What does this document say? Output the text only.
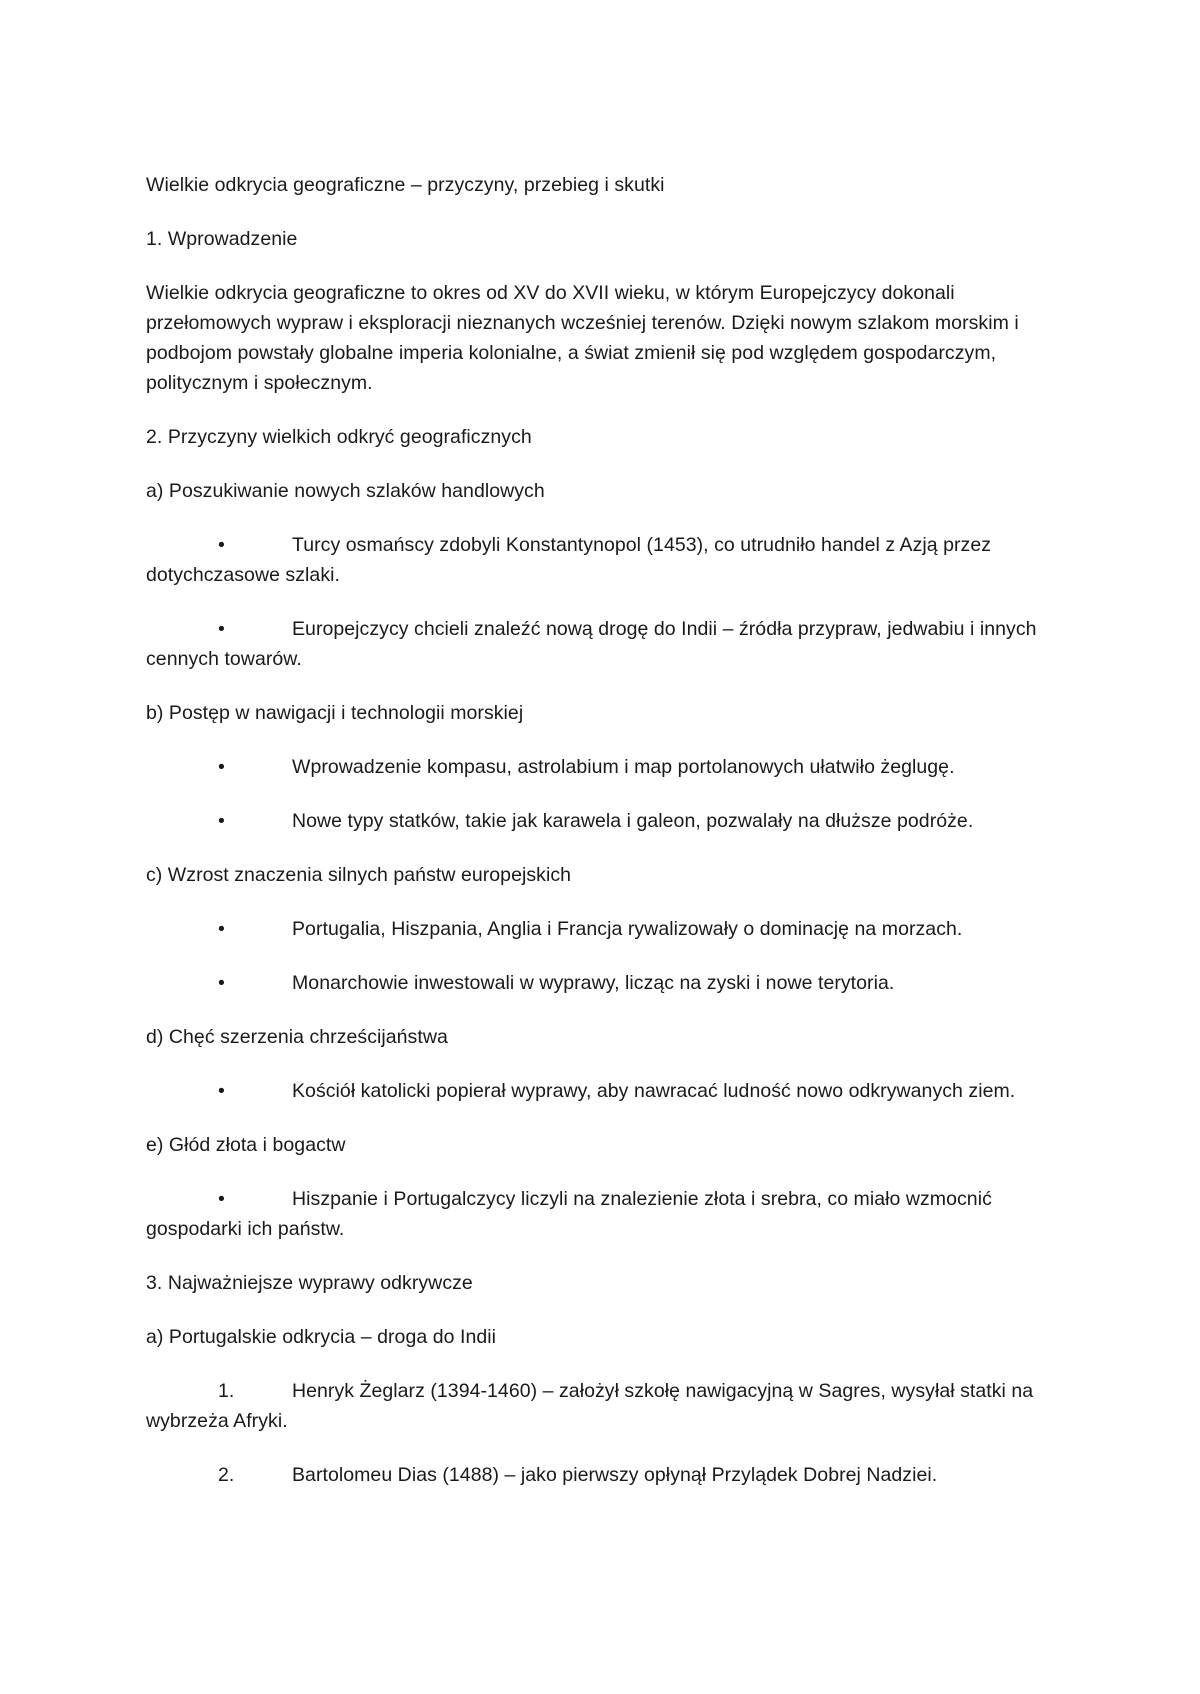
Wielkie odkrycia geograficzne – przyczyny, przebieg i skutki

1. Wprowadzenie

Wielkie odkrycia geograficzne to okres od XV do XVII wieku, w którym Europejczycy dokonali przełomowych wypraw i eksploracji nieznanych wcześniej terenów. Dzięki nowym szlakom morskim i podbojom powstały globalne imperia kolonialne, a świat zmienił się pod względem gospodarczym, politycznym i społecznym.

2. Przyczyny wielkich odkryć geograficznych

a) Poszukiwanie nowych szlaków handlowych

•	Turcy osmańscy zdobyli Konstantynopol (1453), co utrudniło handel z Azją przez dotychczasowe szlaki.
•	Europejczycy chcieli znaleźć nową drogę do Indii – źródła przypraw, jedwabiu i innych cennych towarów.

b) Postęp w nawigacji i technologii morskiej

•	Wprowadzenie kompasu, astrolabium i map portolanowych ułatwiło żeglugę.
•	Nowe typy statków, takie jak karawela i galeon, pozwalały na dłuższe podróże.

c) Wzrost znaczenia silnych państw europejskich

•	Portugalia, Hiszpania, Anglia i Francja rywalizowały o dominację na morzach.
•	Monarchowie inwestowali w wyprawy, licząc na zyski i nowe terytoria.

d) Chęć szerzenia chrześcijaństwa

•	Kościół katolicki popierał wyprawy, aby nawracać ludność nowo odkrywanych ziem.

e) Głód złota i bogactw

•	Hiszpanie i Portugalczycy liczyli na znalezienie złota i srebra, co miało wzmocnić gospodarki ich państw.

3. Najważniejsze wyprawy odkrywcze

a) Portugalskie odkrycia – droga do Indii

1.	Henryk Żeglarz (1394-1460) – założył szkołę nawigacyjną w Sagres, wysyłał statki na wybrzeża Afryki.
2.	Bartolomeu Dias (1488) – jako pierwszy opłynął Przylądek Dobrej Nadziei.
